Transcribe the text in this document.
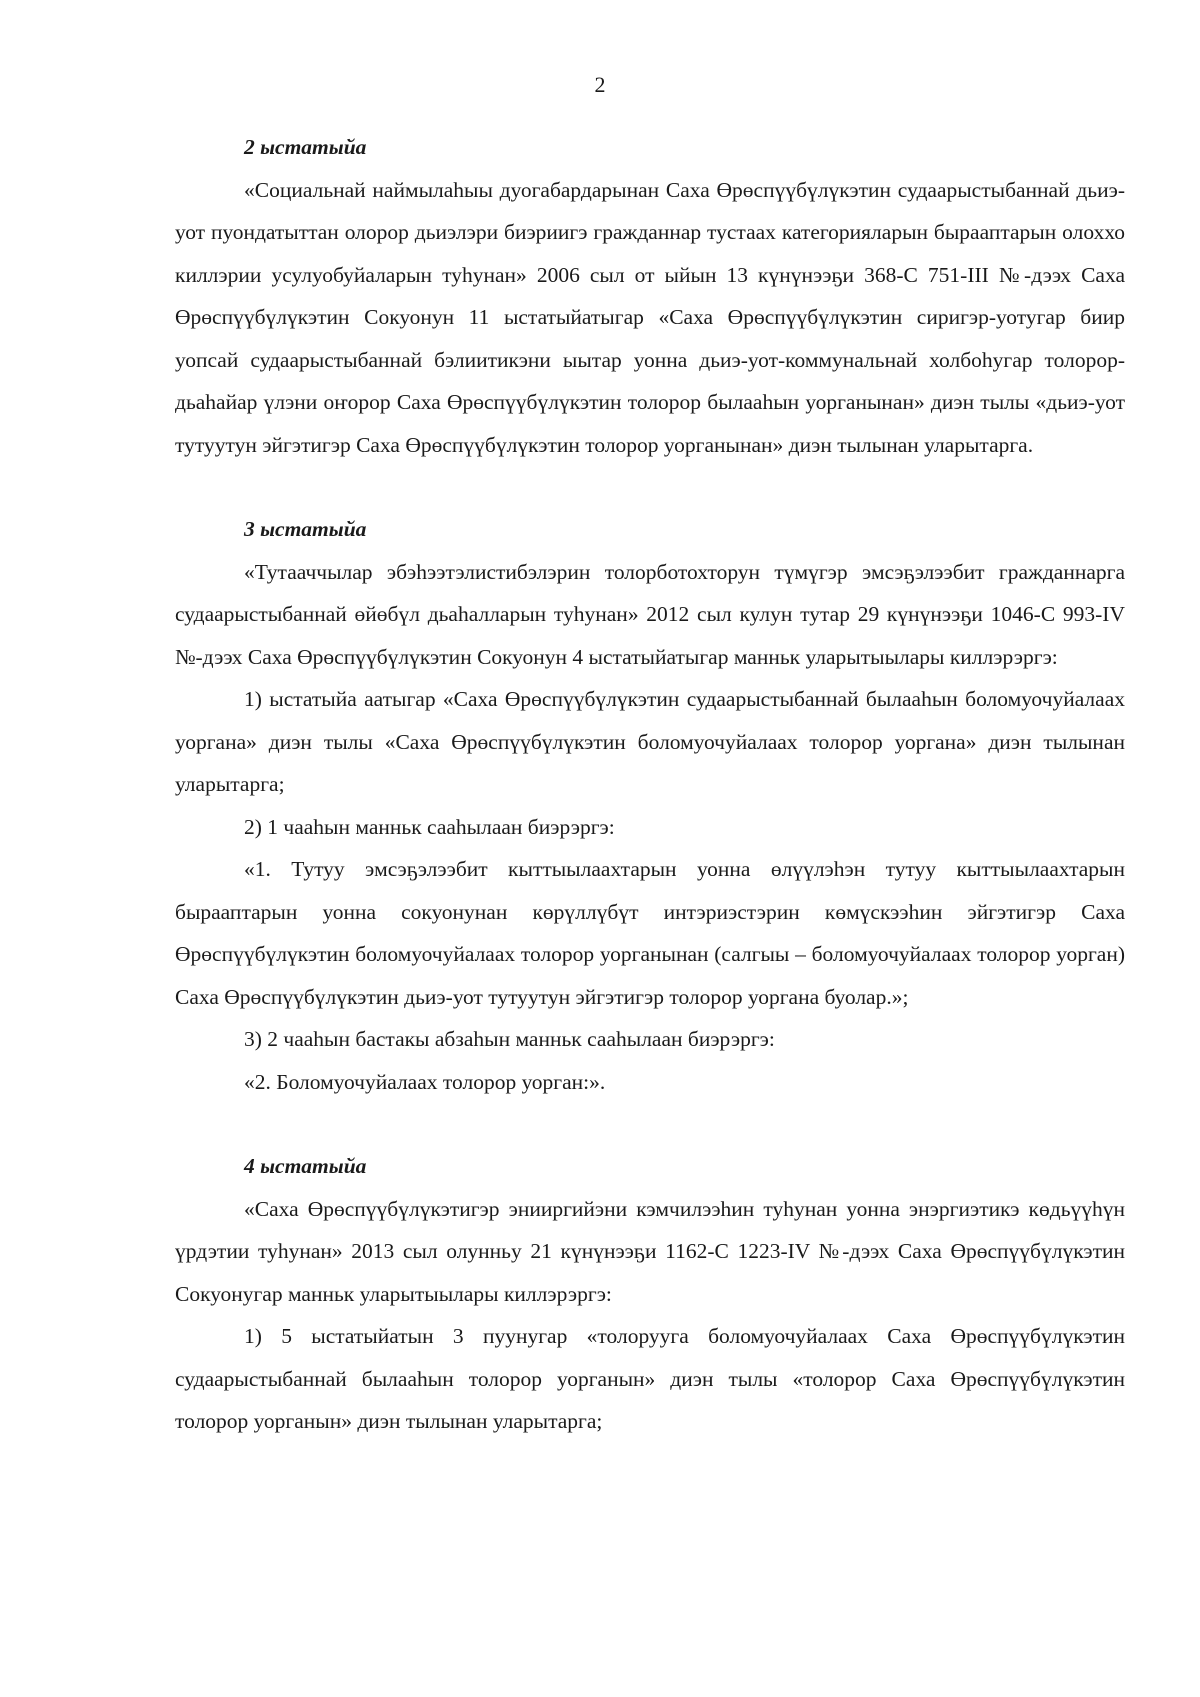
2
2 ыстатыйа

«Социальнай наймылаһыы дуогабардарынан Саха Өрөспүүбүлүкэтин судаарыстыбаннай дьиэ-уот пуондатыттан олорор дьиэлэри биэриигэ гражданнар тустаах категорияларын бырааптарын олоххо киллэрии усулуобуйаларын туһунан» 2006 сыл от ыйын 13 күнүнээҕи 368-С 751-III №-дээх Саха Өрөспүүбүлүкэтин Сокуонун 11 ыстатыйатыгар «Саха Өрөспүүбүлүкэтин сиригэр-уотугар биир уопсай судаарыстыбаннай бэлиитикэни ыытар уонна дьиэ-уот-коммунальнай холбоһугар толорор-дьаһайар үлэни оҥорор Саха Өрөспүүбүлүкэтин толорор былааһын уорганынан» диэн тылы «дьиэ-уот тутуутун эйгэтигэр Саха Өрөспүүбүлүкэтин толорор уорганынан» диэн тылынан уларытарга.

3 ыстатыйа

«Тутааччылар эбэһээтэлистибэлэрин толорботохторун түмүгэр эмсэҕэлээбит гражданнарга судаарыстыбаннай өйөбүл дьаһалларын туһунан» 2012 сыл кулун тутар 29 күнүнээҕи 1046-С 993-IV №-дээх Саха Өрөспүүбүлүкэтин Сокуонун 4 ыстатыйатыгар манньк уларытыылары киллэрэргэ:

1) ыстатыйа аатыгар «Саха Өрөспүүбүлүкэтин судаарыстыбаннай былааһын боломуочуйалаах уоргана» диэн тылы «Саха Өрөспүүбүлүкэтин боломуочуйалаах толорор уоргана» диэн тылынан уларытарга;

2) 1 чааһын манньк сааһылаан биэрэргэ:

«1. Тутуу эмсэҕэлээбит кыттыылаахтарын уонна өлүүлэһэн тутуу кыттыылаахтарын бырааптарын уонна сокуонунан көрүллүбүт интэриэстэрин көмүскээһин эйгэтигэр Саха Өрөспүүбүлүкэтин боломуочуйалаах толорор уорганынан (салгыы – боломуочуйалаах толорор уорган) Саха Өрөспүүбүлүкэтин дьиэ-уот тутуутун эйгэтигэр толорор уоргана буолар.»;

3) 2 чааһын бастакы абзаһын манньк сааһылаан биэрэргэ:

«2. Боломуочуйалаах толорор уорган:».

4 ыстатыйа

«Саха Өрөспүүбүлүкэтигэр энииргийэни кэмчилээһин туһунан уонна энэргиэтикэ көдьүүһүн үрдэтии туһунан» 2013 сыл олунньу 21 күнүнээҕи 1162-С 1223-IV №-дээх Саха Өрөспүүбүлүкэтин Сокуонугар манньк уларытыылары киллэрэргэ:

1) 5 ыстатыйатын 3 пуунугар «толорууга боломуочуйалаах Саха Өрөспүүбүлүкэтин судаарыстыбаннай былааһын толорор уорганын» диэн тылы «толорор Саха Өрөспүүбүлүкэтин толорор уорганын» диэн тылынан уларытарга;
